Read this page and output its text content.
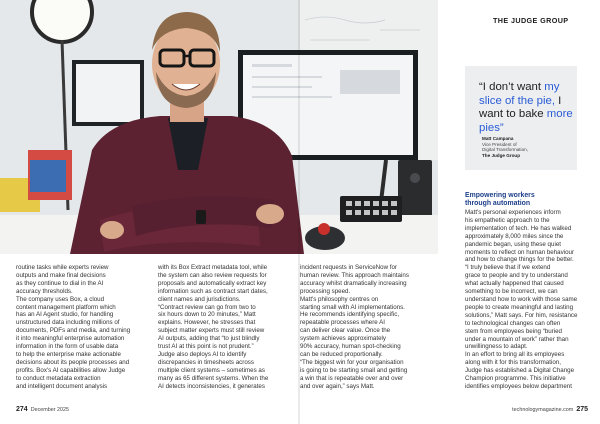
routine tasks while experts review
outputs and make final decisions
as they continue to dial in the AI
accuracy thresholds.
The company uses Box, a cloud
content management platform which
has an AI Agent studio, for handling
unstructured data including millions of
documents, PDFs and media, and turning
it into meaningful enterprise automation
information in the form of usable data
to help the enterprise make actionable
decisions about its people processes and
profits. Box's AI capabilities allow Judge
to conduct metadata extraction
and intelligent document analysis
with its Box Extract metadata tool, while
the system can also review requests for
proposals and automatically extract key
information such as contract start dates,
client names and jurisdictions.
“Contract review can go from two to
six hours down to 20 minutes,” Matt
explains. However, he stresses that
subject matter experts must still review
AI outputs, adding that “to just blindly
trust AI at this point is not prudent.”
Judge also deploys AI to identify
discrepancies in timesheets across
multiple client systems – sometimes as
many as 65 different systems. When the
AI detects inconsistencies, it generates
incident requests in ServiceNow for
human review. This approach maintains
accuracy whilst dramatically increasing
processing speed.
Matt's philosophy centres on
starting small with AI implementations.
He recommends identifying specific,
repeatable processes where AI
can deliver clear value. Once the
system achieves approximately
90% accuracy, human spot-checking
can be reduced proportionally.
“The biggest win for your organisation
is going to be starting small and getting
a win that is repeatable over and over
and over again,” says Matt.
THE JUDGE GROUP
“I don’t want my slice of the pie, I want to bake more pies”
Matt Campana
Vice President of
Digital Transformation,
The Judge Group
Empowering workers
through automation
Matt's personal experiences inform
his empathetic approach to the
implementation of tech. He has walked
approximately 8,000 miles since the
pandemic began, using these quiet
moments to reflect on human behaviour
and how to change things for the better.
“I truly believe that if we extend
grace to people and try to understand
what actually happened that caused
something to be incorrect, we can
understand how to work with those same
people to create meaningful and lasting
solutions,” Matt says. For him, resistance
to technological changes can often
stem from employees being “buried
under a mountain of work” rather than
unwillingness to adapt.
In an effort to bring all its employees
along with it for this transformation,
Judge has established a Digital Change
Champion programme. This initiative
identifies employees below department
274 December 2025	technologymagazine.com 275
